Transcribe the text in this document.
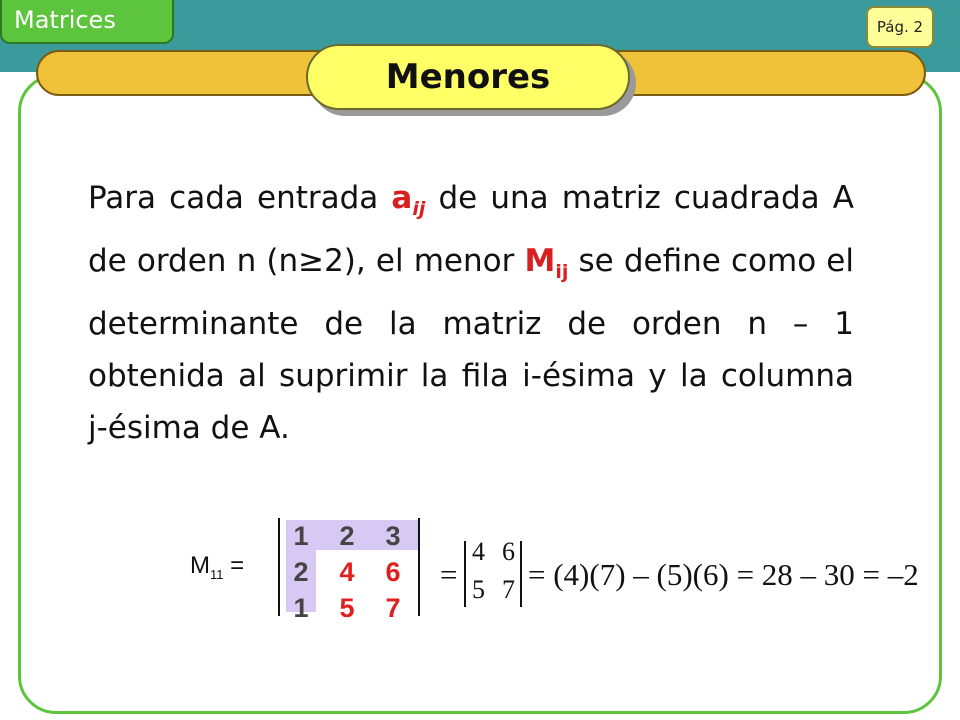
Matrices	Pág. 2
Menores
Para cada entrada $a_{ij}$ de una matriz cuadrada A de orden n (n≥2), el menor $M_{ij}$ se define como el determinante de la matriz de orden n – 1 obtenida al suprimir la fila i-ésima y la columna j-ésima de A.
$M_{11}$ =
1	2	3
2	4	6
1	5	7
=
4 6
5 7 = (4)(7) – (5)(6) = 28 – 30 = –2
